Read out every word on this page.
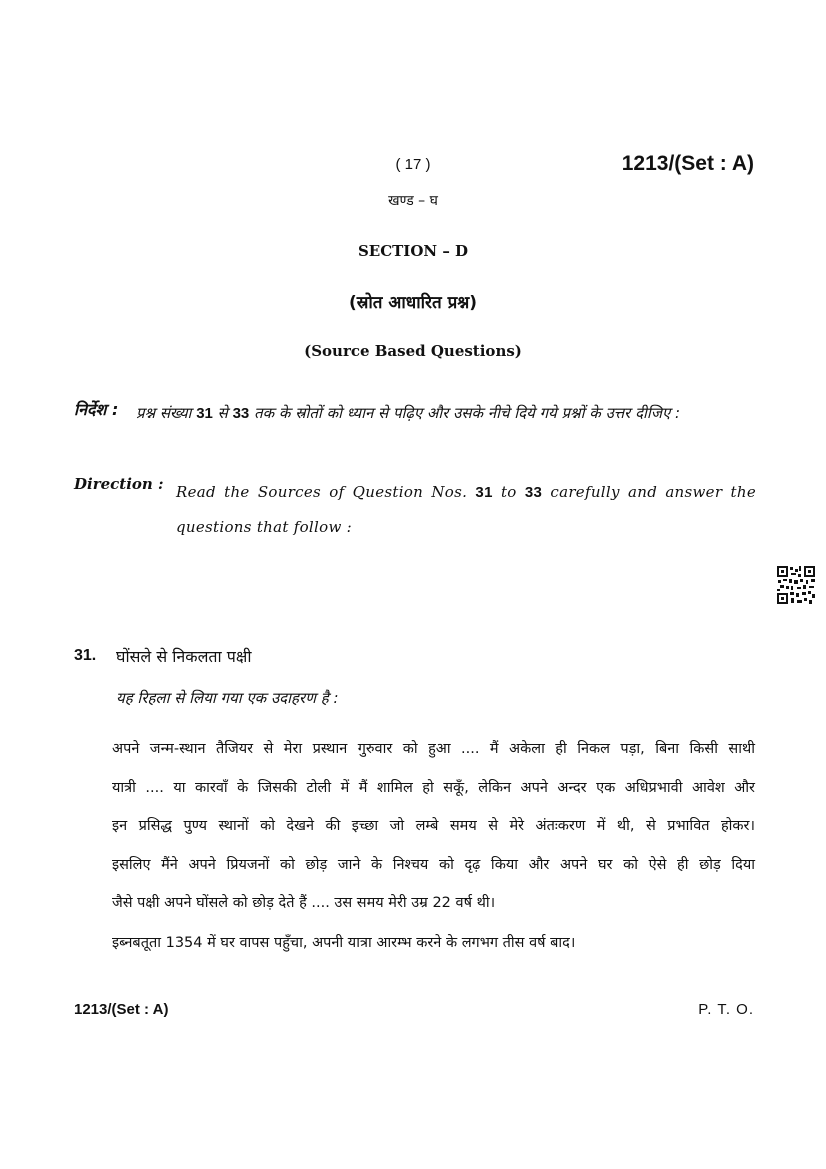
( 17 )	1213/(Set : A)
खण्ड – घ
SECTION – D
(स्रोत आधारित प्रश्न)
(Source Based Questions)
निर्देश : प्रश्न संख्या 31 से 33 तक के स्रोतों को ध्यान से पढ़िए और उसके नीचे दिये गये प्रश्नों के उत्तर दीजिए :
Direction : Read the Sources of Question Nos. 31 to 33 carefully and answer the questions that follow :
31. घोंसले से निकलता पक्षी
यह रिहला से लिया गया एक उदाहरण है :
अपने जन्म-स्थान तैजियर से मेरा प्रस्थान गुरुवार को हुआ .... मैं अकेला ही निकल पड़ा, बिना किसी साथी
यात्री .... या कारवाँ के जिसकी टोली में मैं शामिल हो सकूँ, लेकिन अपने अन्दर एक अधिप्रभावी आवेश और
इन प्रसिद्ध पुण्य स्थानों को देखने की इच्छा जो लम्बे समय से मेरे अंतःकरण में थी, से प्रभावित होकर।
इसलिए मैंने अपने प्रियजनों को छोड़ जाने के निश्चय को दृढ़ किया और अपने घर को ऐसे ही छोड़ दिया
जैसे पक्षी अपने घोंसले को छोड़ देते हैं .... उस समय मेरी उम्र 22 वर्ष थी।
इब्नबतूता 1354 में घर वापस पहुँचा, अपनी यात्रा आरम्भ करने के लगभग तीस वर्ष बाद।
1213/(Set : A)	P. T. O.
